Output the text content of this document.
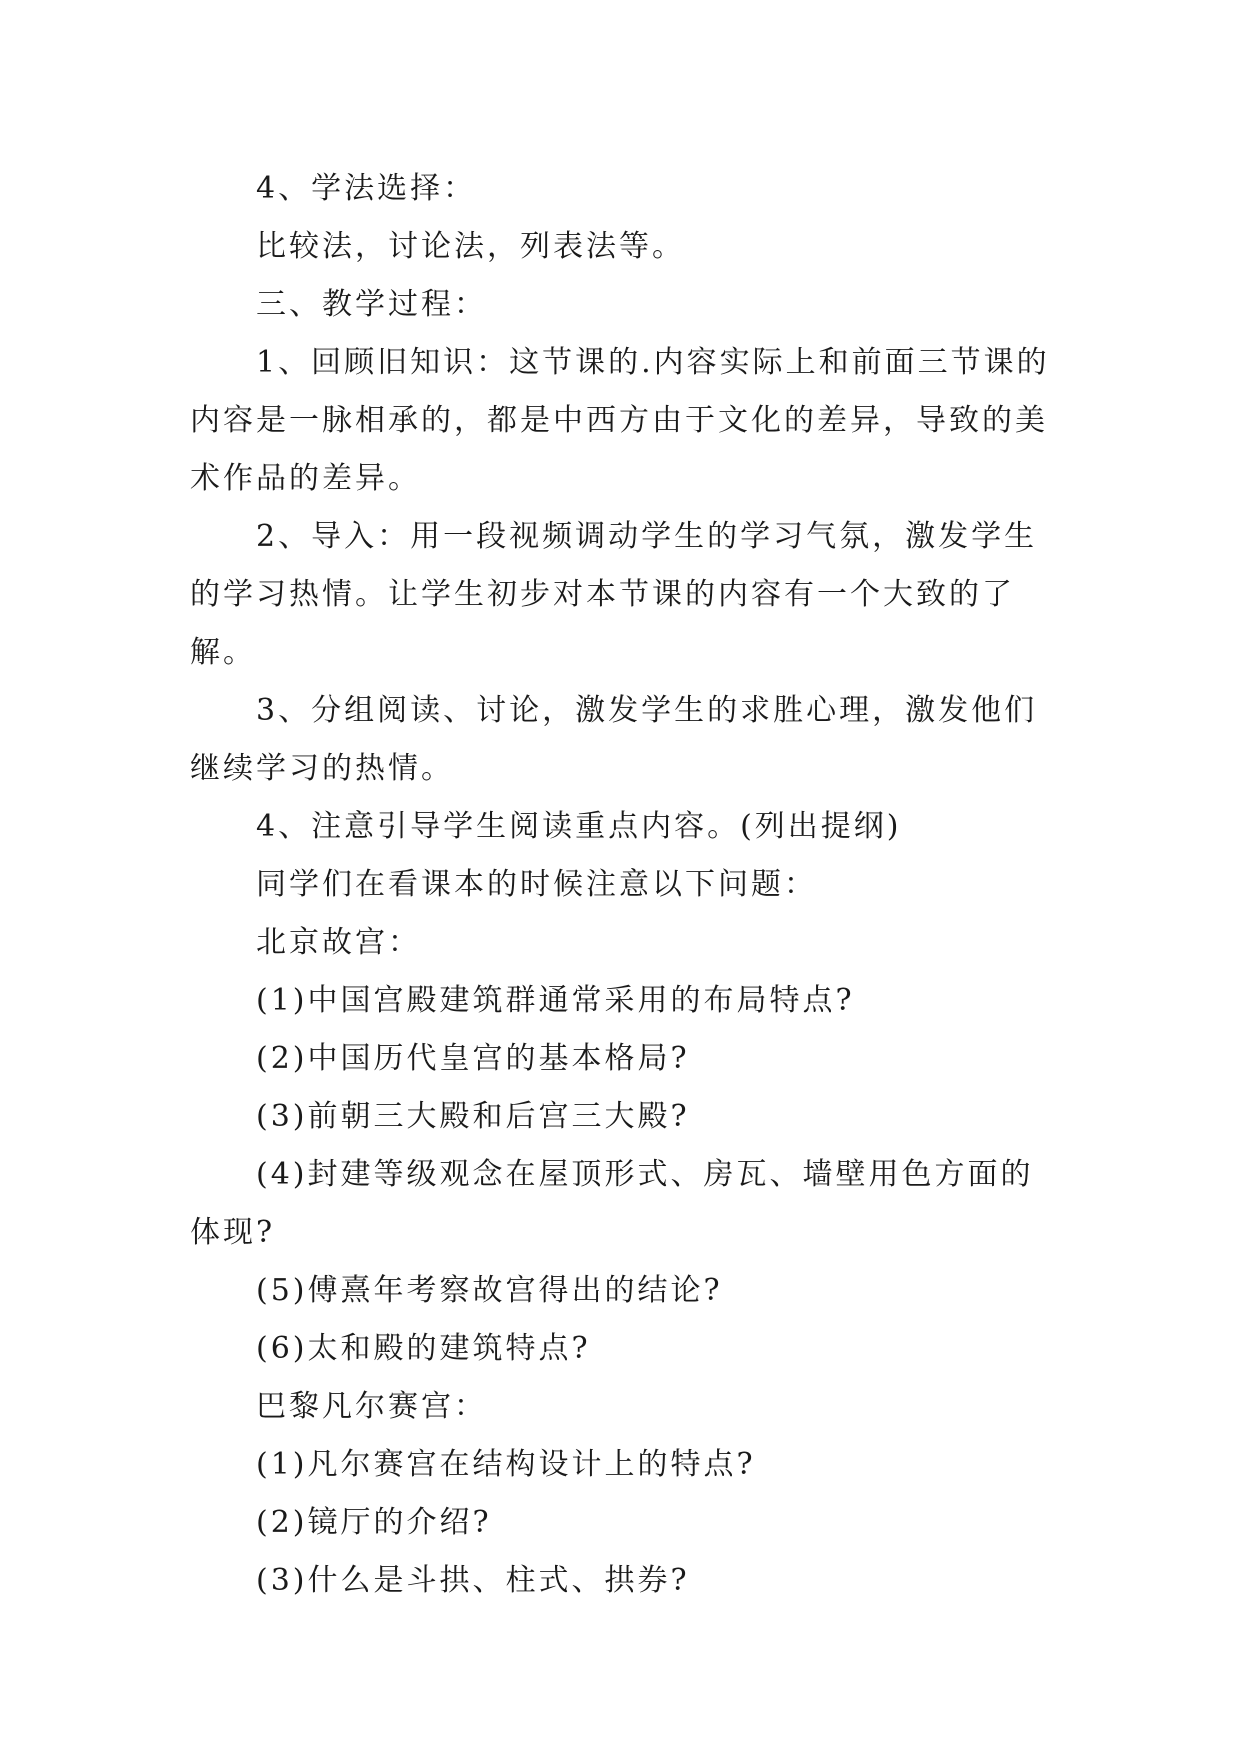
4、学法选择：

比较法，讨论法，列表法等。

三、教学过程：

1、回顾旧知识：这节课的.内容实际上和前面三节课的内容是一脉相承的，都是中西方由于文化的差异，导致的美术作品的差异。

2、导入：用一段视频调动学生的学习气氛，激发学生的学习热情。让学生初步对本节课的内容有一个大致的了解。

3、分组阅读、讨论，激发学生的求胜心理，激发他们继续学习的热情。

4、注意引导学生阅读重点内容。(列出提纲)

同学们在看课本的时候注意以下问题：

北京故宫：

(1)中国宫殿建筑群通常采用的布局特点?

(2)中国历代皇宫的基本格局?

(3)前朝三大殿和后宫三大殿?

(4)封建等级观念在屋顶形式、房瓦、墙壁用色方面的体现?

(5)傅熹年考察故宫得出的结论?

(6)太和殿的建筑特点?

巴黎凡尔赛宫：

(1)凡尔赛宫在结构设计上的特点?

(2)镜厅的介绍?

(3)什么是斗拱、柱式、拱券?
